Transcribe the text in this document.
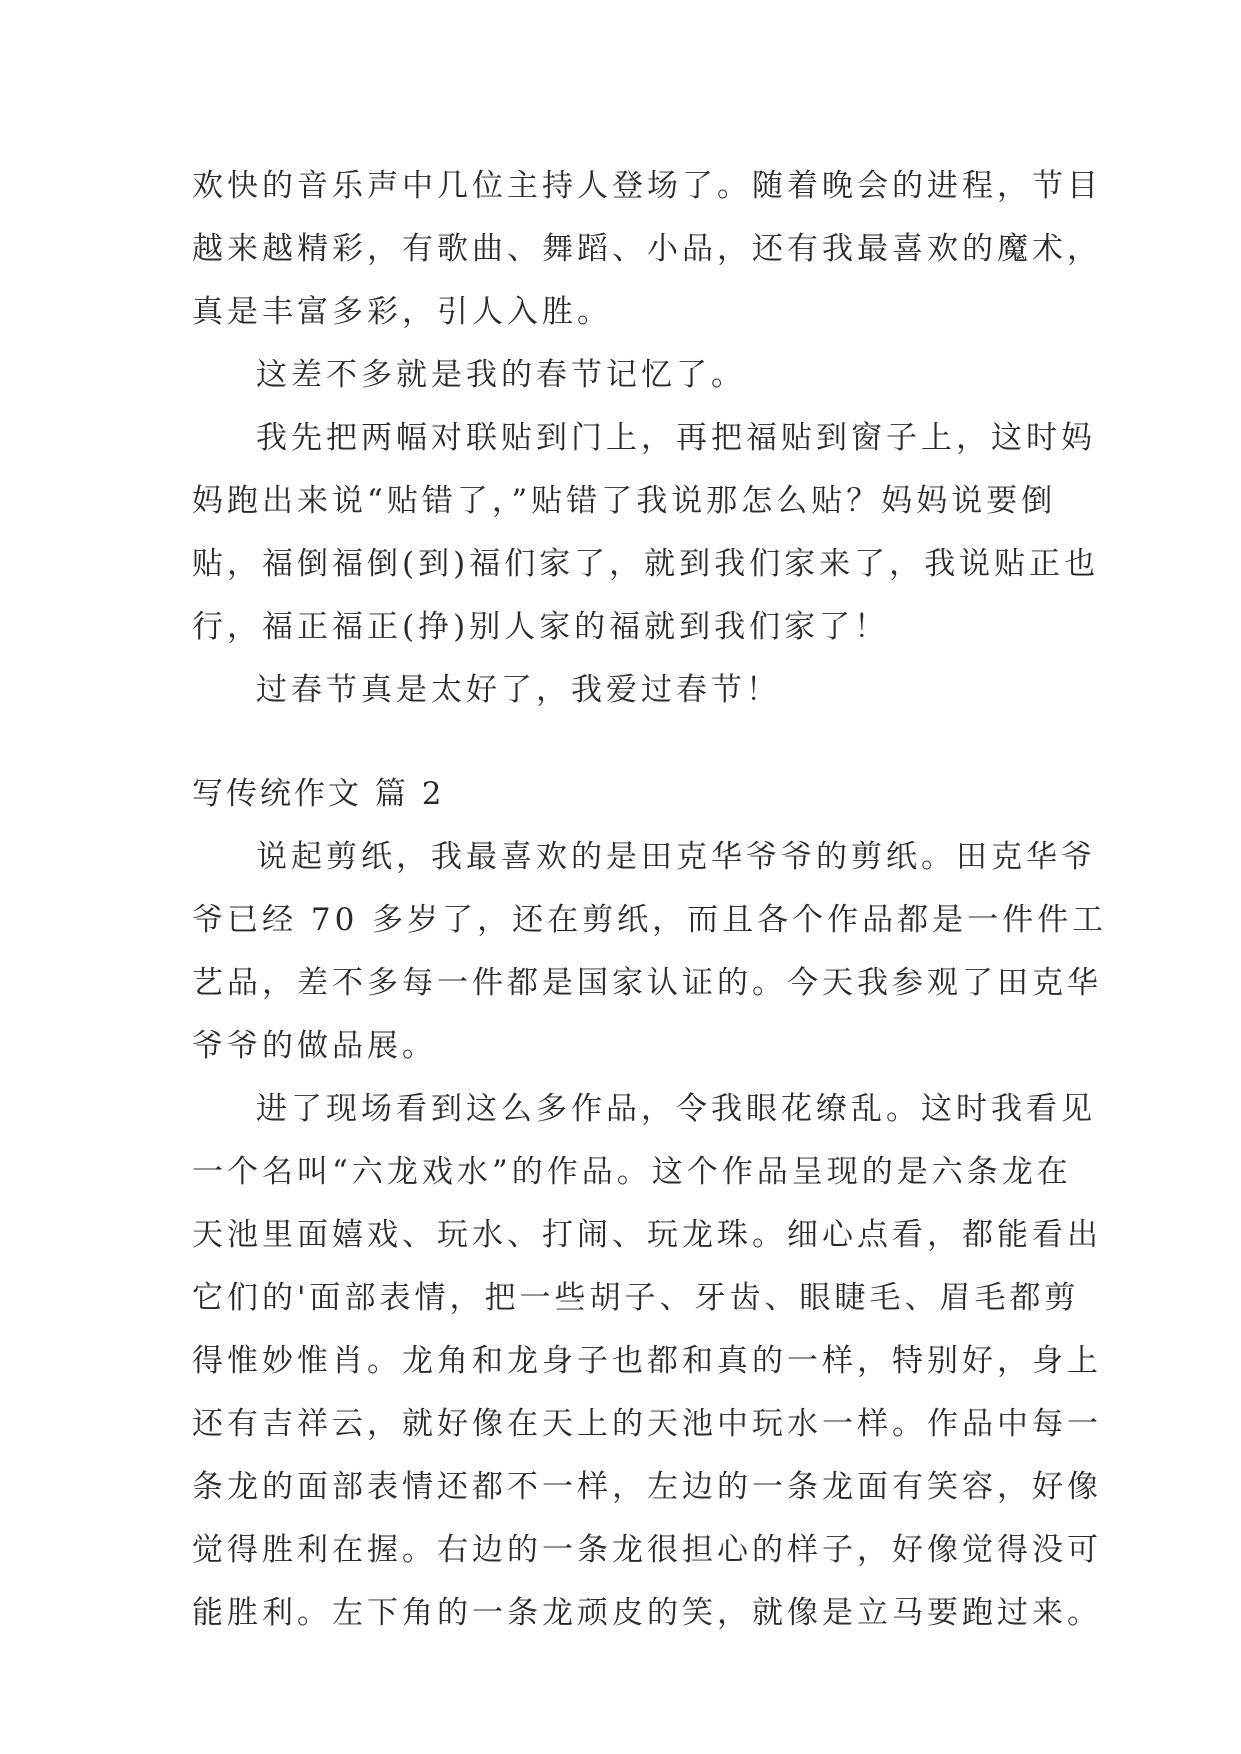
欢快的音乐声中几位主持人登场了。随着晚会的进程，节目
越来越精彩，有歌曲、舞蹈、小品，还有我最喜欢的魔术，
真是丰富多彩，引人入胜。
这差不多就是我的春节记忆了。
我先把两幅对联贴到门上，再把福贴到窗子上，这时妈
妈跑出来说“贴错了，”贴错了我说那怎么贴？妈妈说要倒
贴，福倒福倒(到)福们家了，就到我们家来了，我说贴正也
行，福正福正(挣)别人家的福就到我们家了！
过春节真是太好了，我爱过春节！
写传统作文 篇 2
说起剪纸，我最喜欢的是田克华爷爷的剪纸。田克华爷
爷已经 70 多岁了，还在剪纸，而且各个作品都是一件件工
艺品，差不多每一件都是国家认证的。今天我参观了田克华
爷爷的做品展。
进了现场看到这么多作品，令我眼花缭乱。这时我看见
一个名叫“六龙戏水”的作品。这个作品呈现的是六条龙在
天池里面嬉戏、玩水、打闹、玩龙珠。细心点看，都能看出
它们的'面部表情，把一些胡子、牙齿、眼睫毛、眉毛都剪
得惟妙惟肖。龙角和龙身子也都和真的一样，特别好，身上
还有吉祥云，就好像在天上的天池中玩水一样。作品中每一
条龙的面部表情还都不一样，左边的一条龙面有笑容，好像
觉得胜利在握。右边的一条龙很担心的样子，好像觉得没可
能胜利。左下角的一条龙顽皮的笑，就像是立马要跑过来。
